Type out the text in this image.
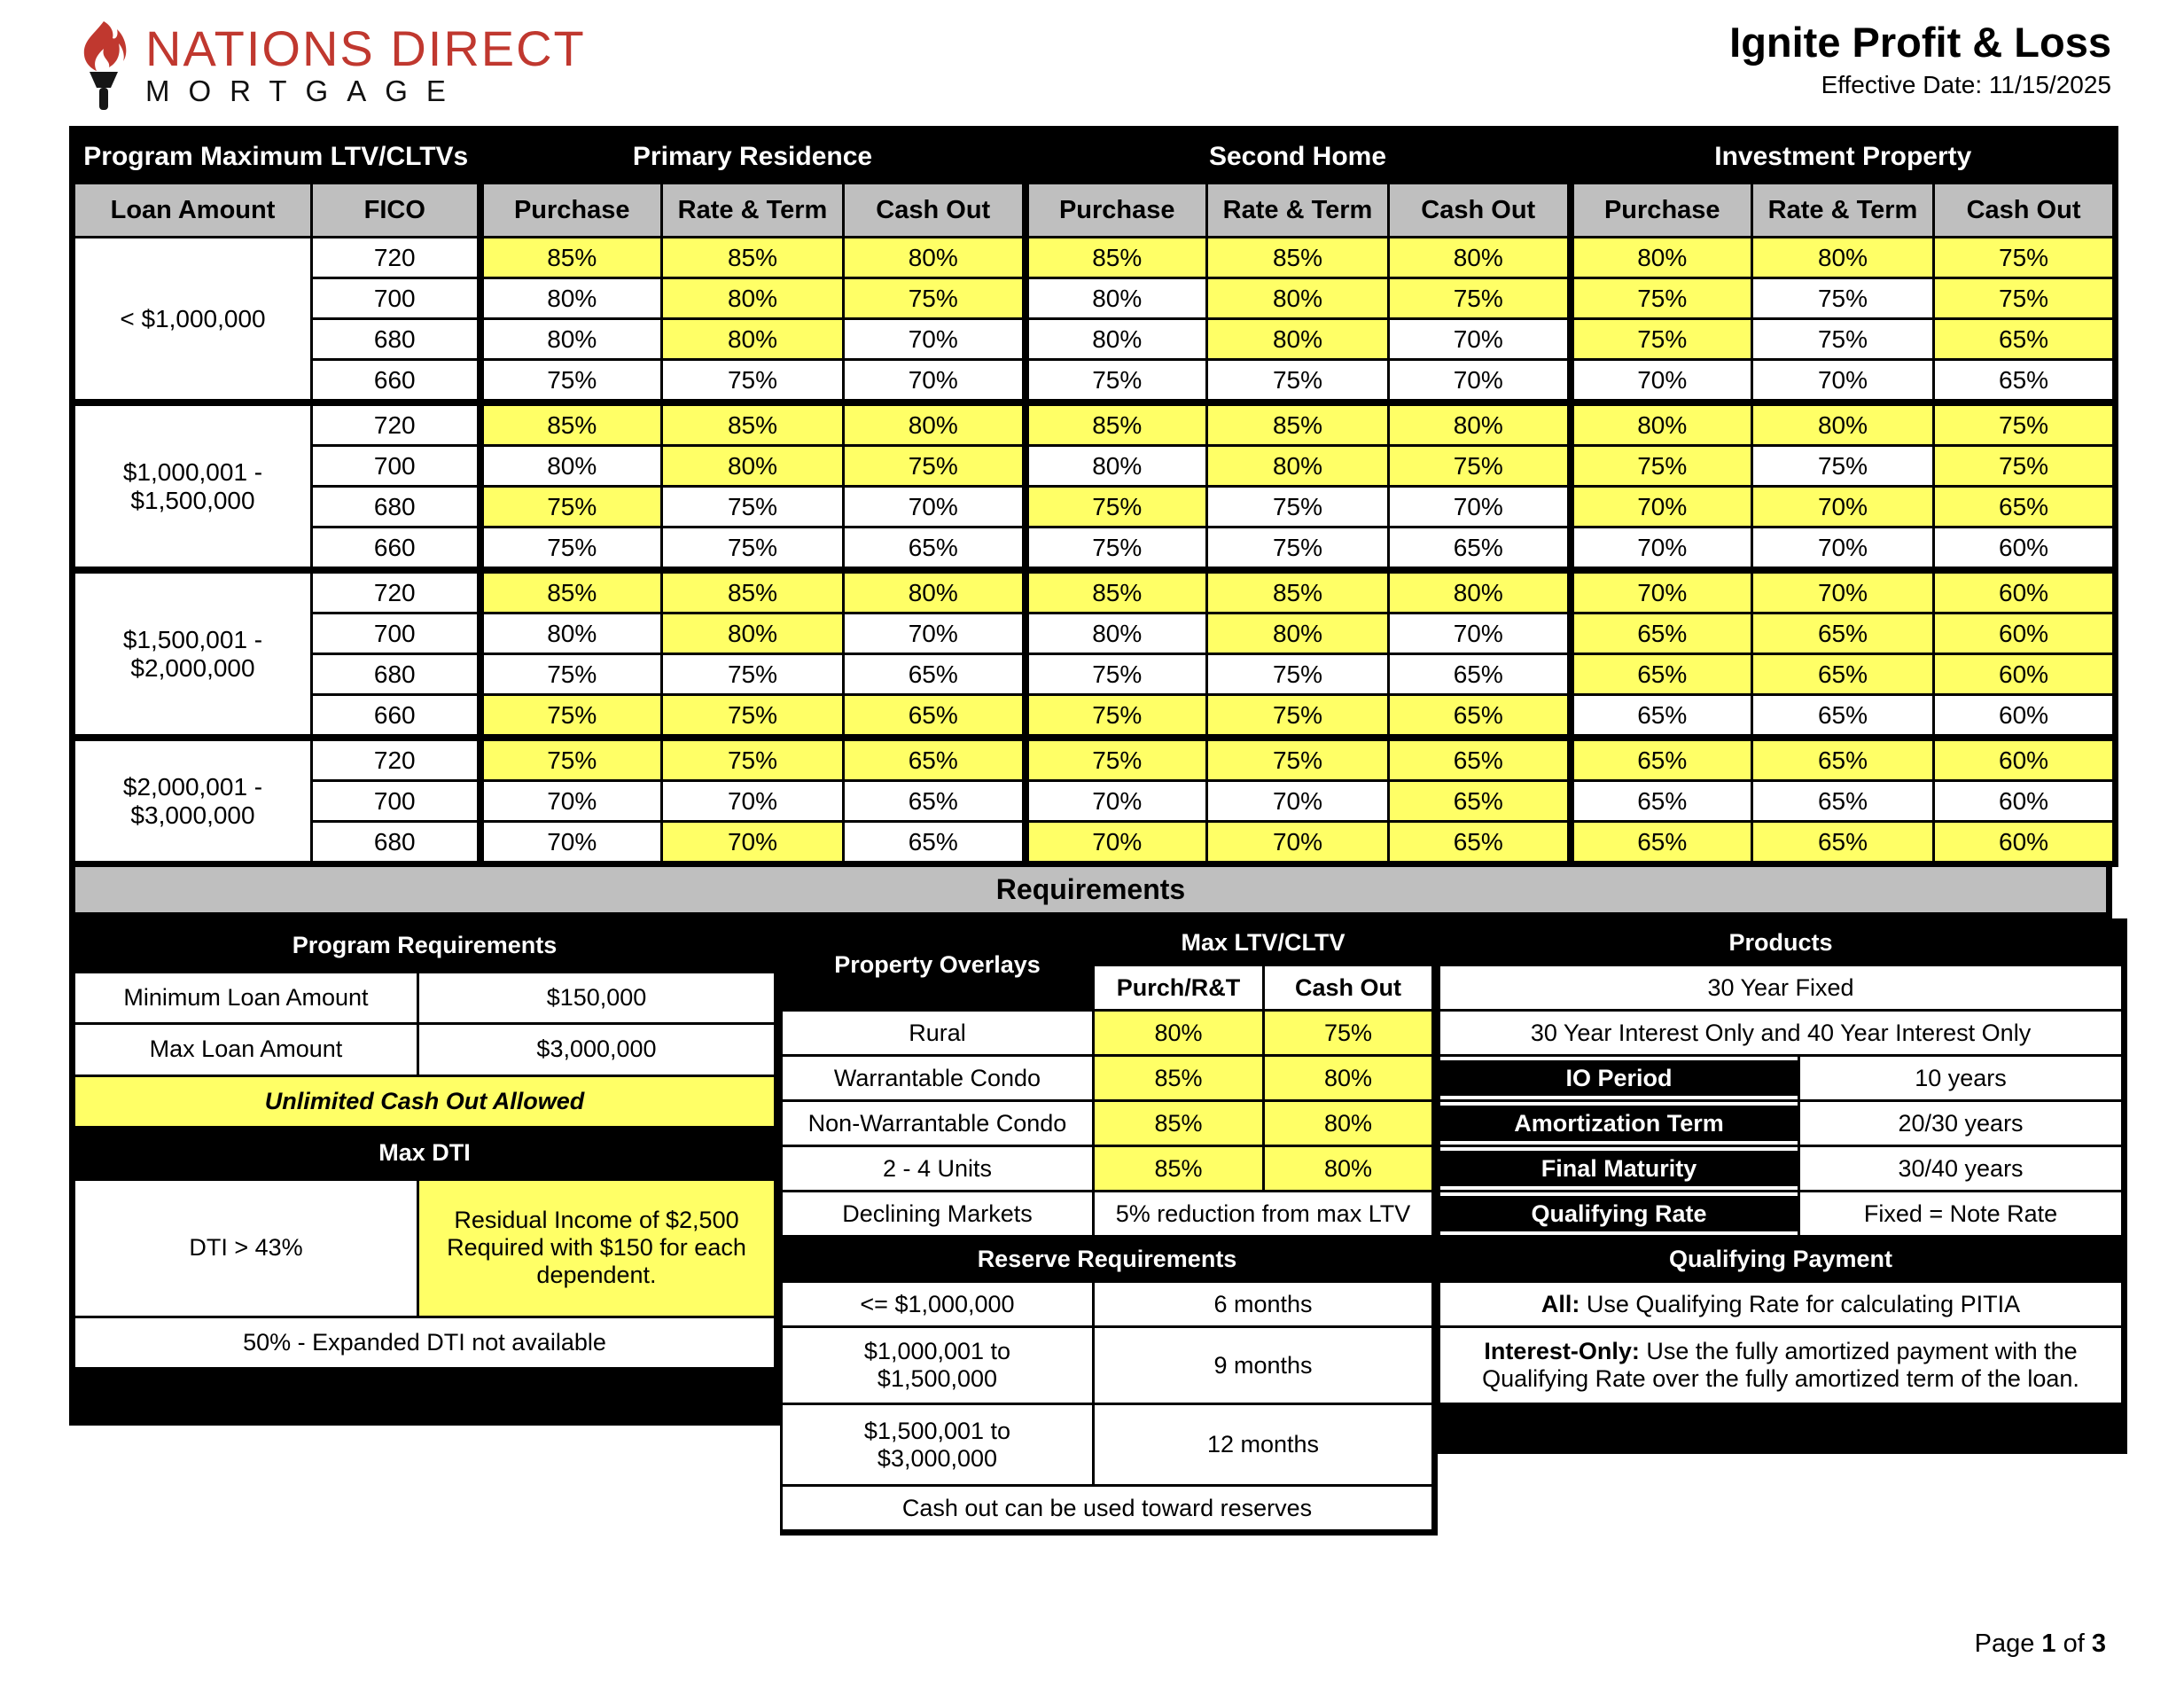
NATIONS DIRECT
MORTGAGE
Ignite Profit & Loss
Effective Date: 11/15/2025
Program Maximum LTV/CLTVs		Primary Residence			Second Home			Investment Property		
Loan Amount	FICO	Purchase	Rate & Term	Cash Out	Purchase	Rate & Term	Cash Out	Purchase	Rate & Term	Cash Out
< $1,000,000	720	85%	85%	80%	85%	85%	80%	80%	80%	75%
	700	80%	80%	75%	80%	80%	75%	75%	75%	75%
	680	80%	80%	70%	80%	80%	70%	75%	75%	65%
	660	75%	75%	70%	75%	75%	70%	70%	70%	65%
$1,000,001 - $1,500,000	720	85%	85%	80%	85%	85%	80%	80%	80%	75%
	700	80%	80%	75%	80%	80%	75%	75%	75%	75%
	680	75%	75%	70%	75%	75%	70%	70%	70%	65%
	660	75%	75%	65%	75%	75%	65%	70%	70%	60%
$1,500,001 - $2,000,000	720	85%	85%	80%	85%	85%	80%	70%	70%	60%
	700	80%	80%	70%	80%	80%	70%	65%	65%	60%
	680	75%	75%	65%	75%	75%	65%	65%	65%	60%
	660	75%	75%	65%	75%	75%	65%	65%	65%	60%
$2,000,001 - $3,000,000	720	75%	75%	65%	75%	75%	65%	65%	65%	60%
	700	70%	70%	65%	70%	70%	65%	65%	65%	60%
	680	70%	70%	65%	70%	70%	65%	65%	65%	60%
Requirements
Program Requirements	
Minimum Loan Amount	$150,000
Max Loan Amount	$3,000,000
Unlimited Cash Out Allowed	
Max DTI	
DTI > 43%	Residual Income of $2,500 Required with $150 for each dependent.
50% - Expanded DTI not available	

Property Overlays	Max LTV/CLTV	
	Purch/R&T	Cash Out
Rural	80%	75%
Warrantable Condo	85%	80%
Non-Warrantable Condo	85%	80%
2 - 4 Units	85%	80%
Declining Markets	5% reduction from max LTV	
Reserve Requirements		
<= $1,000,000	6 months	
$1,000,001 to $1,500,000	9 months	
$1,500,001 to $3,000,000	12 months	
Cash out can be used toward reserves		
Products	
30 Year Fixed	
30 Year Interest Only and 40 Year Interest Only	
IO Period	10 years
Amortization Term	20/30 years
Final Maturity	30/40 years
Qualifying Rate	Fixed = Note Rate
Qualifying Payment	
All: Use Qualifying Rate for calculating PITIA	
Interest-Only: Use the fully amortized payment with the Qualifying Rate over the fully amortized term of the loan.	

Page 1 of 3
